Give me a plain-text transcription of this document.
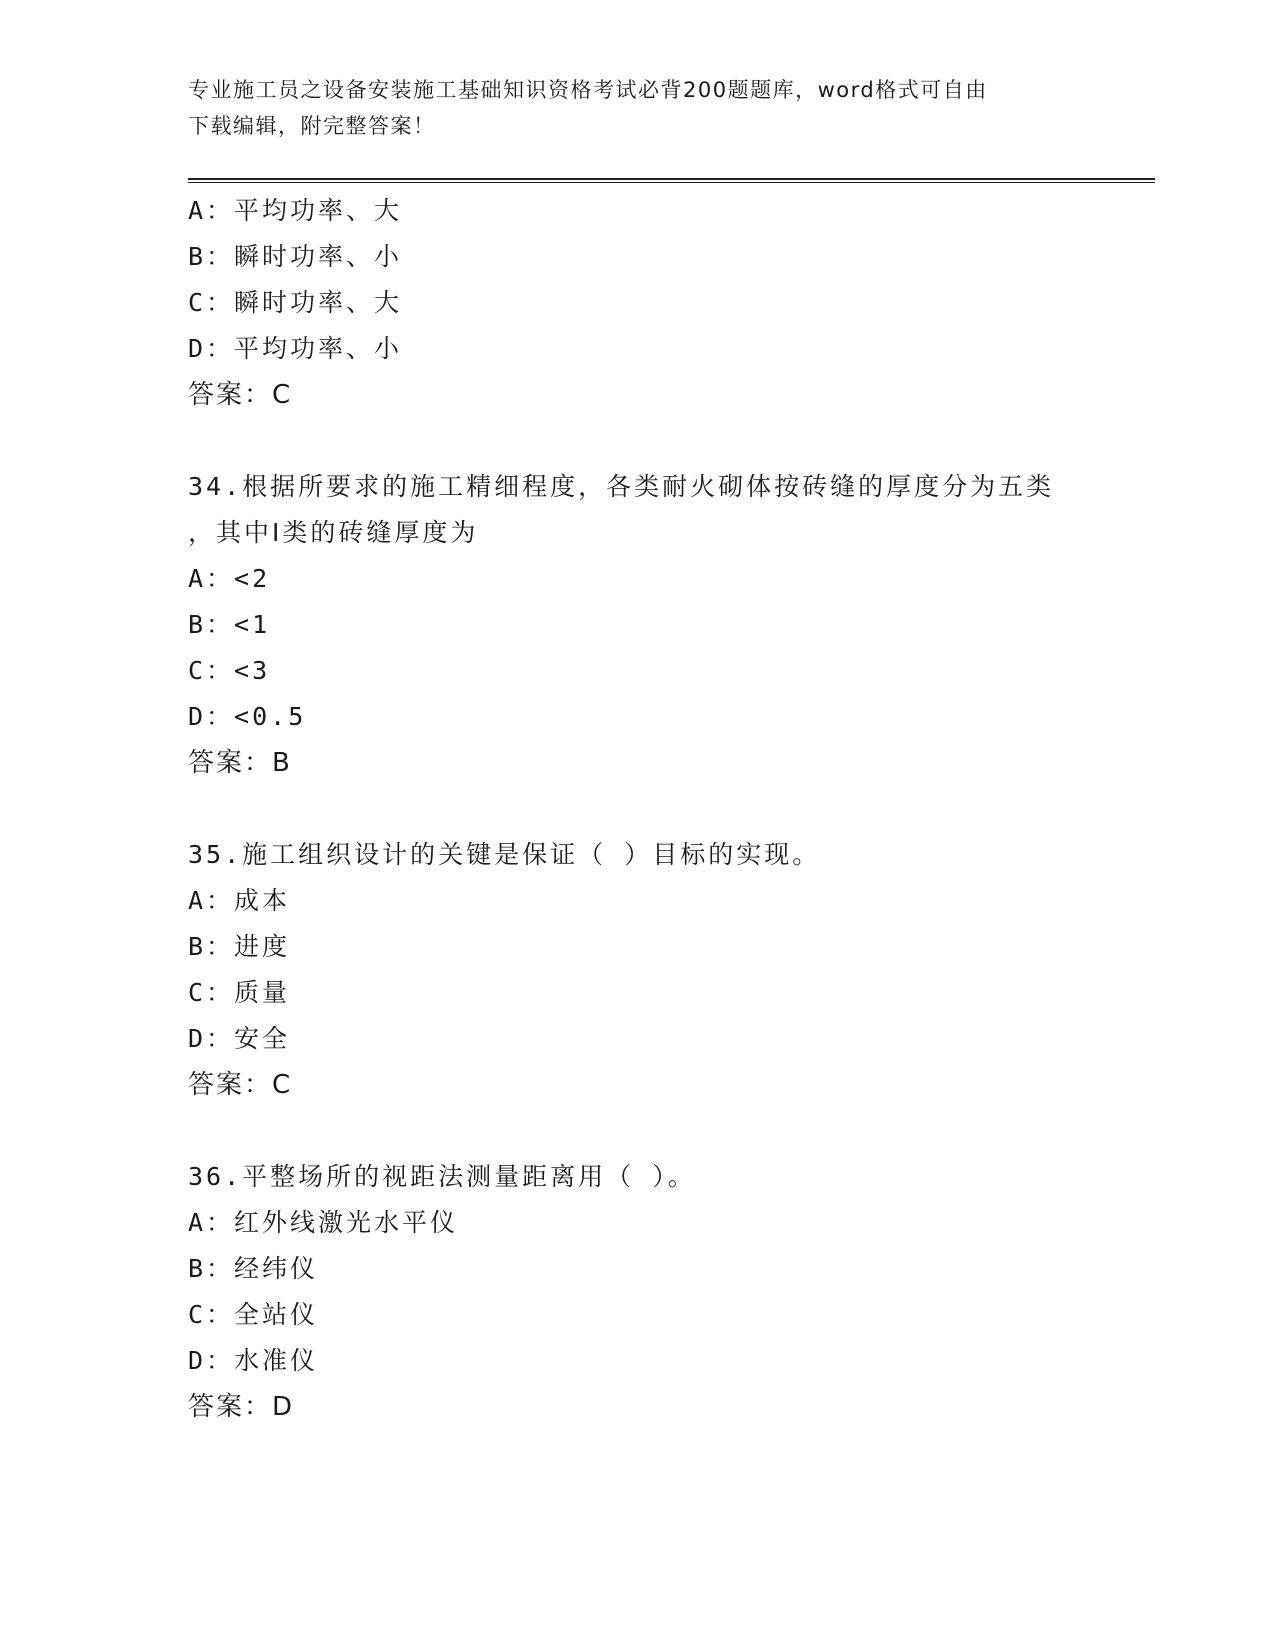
专业施工员之设备安装施工基础知识资格考试必背200题题库，word格式可自由
下载编辑，附完整答案！
A：平均功率、大
B：瞬时功率、小
C：瞬时功率、大
D：平均功率、小
答案：C
34.根据所要求的施工精细程度，各类耐火砌体按砖缝的厚度分为五类
，其中Ⅰ类的砖缝厚度为
A：<2
B：<1
C：<3
D：<0.5
答案：B
35.施工组织设计的关键是保证（ ）目标的实现。
A：成本
B：进度
C：质量
D：安全
答案：C
36.平整场所的视距法测量距离用（ ）。
A：红外线激光水平仪
B：经纬仪
C：全站仪
D：水准仪
答案：D
